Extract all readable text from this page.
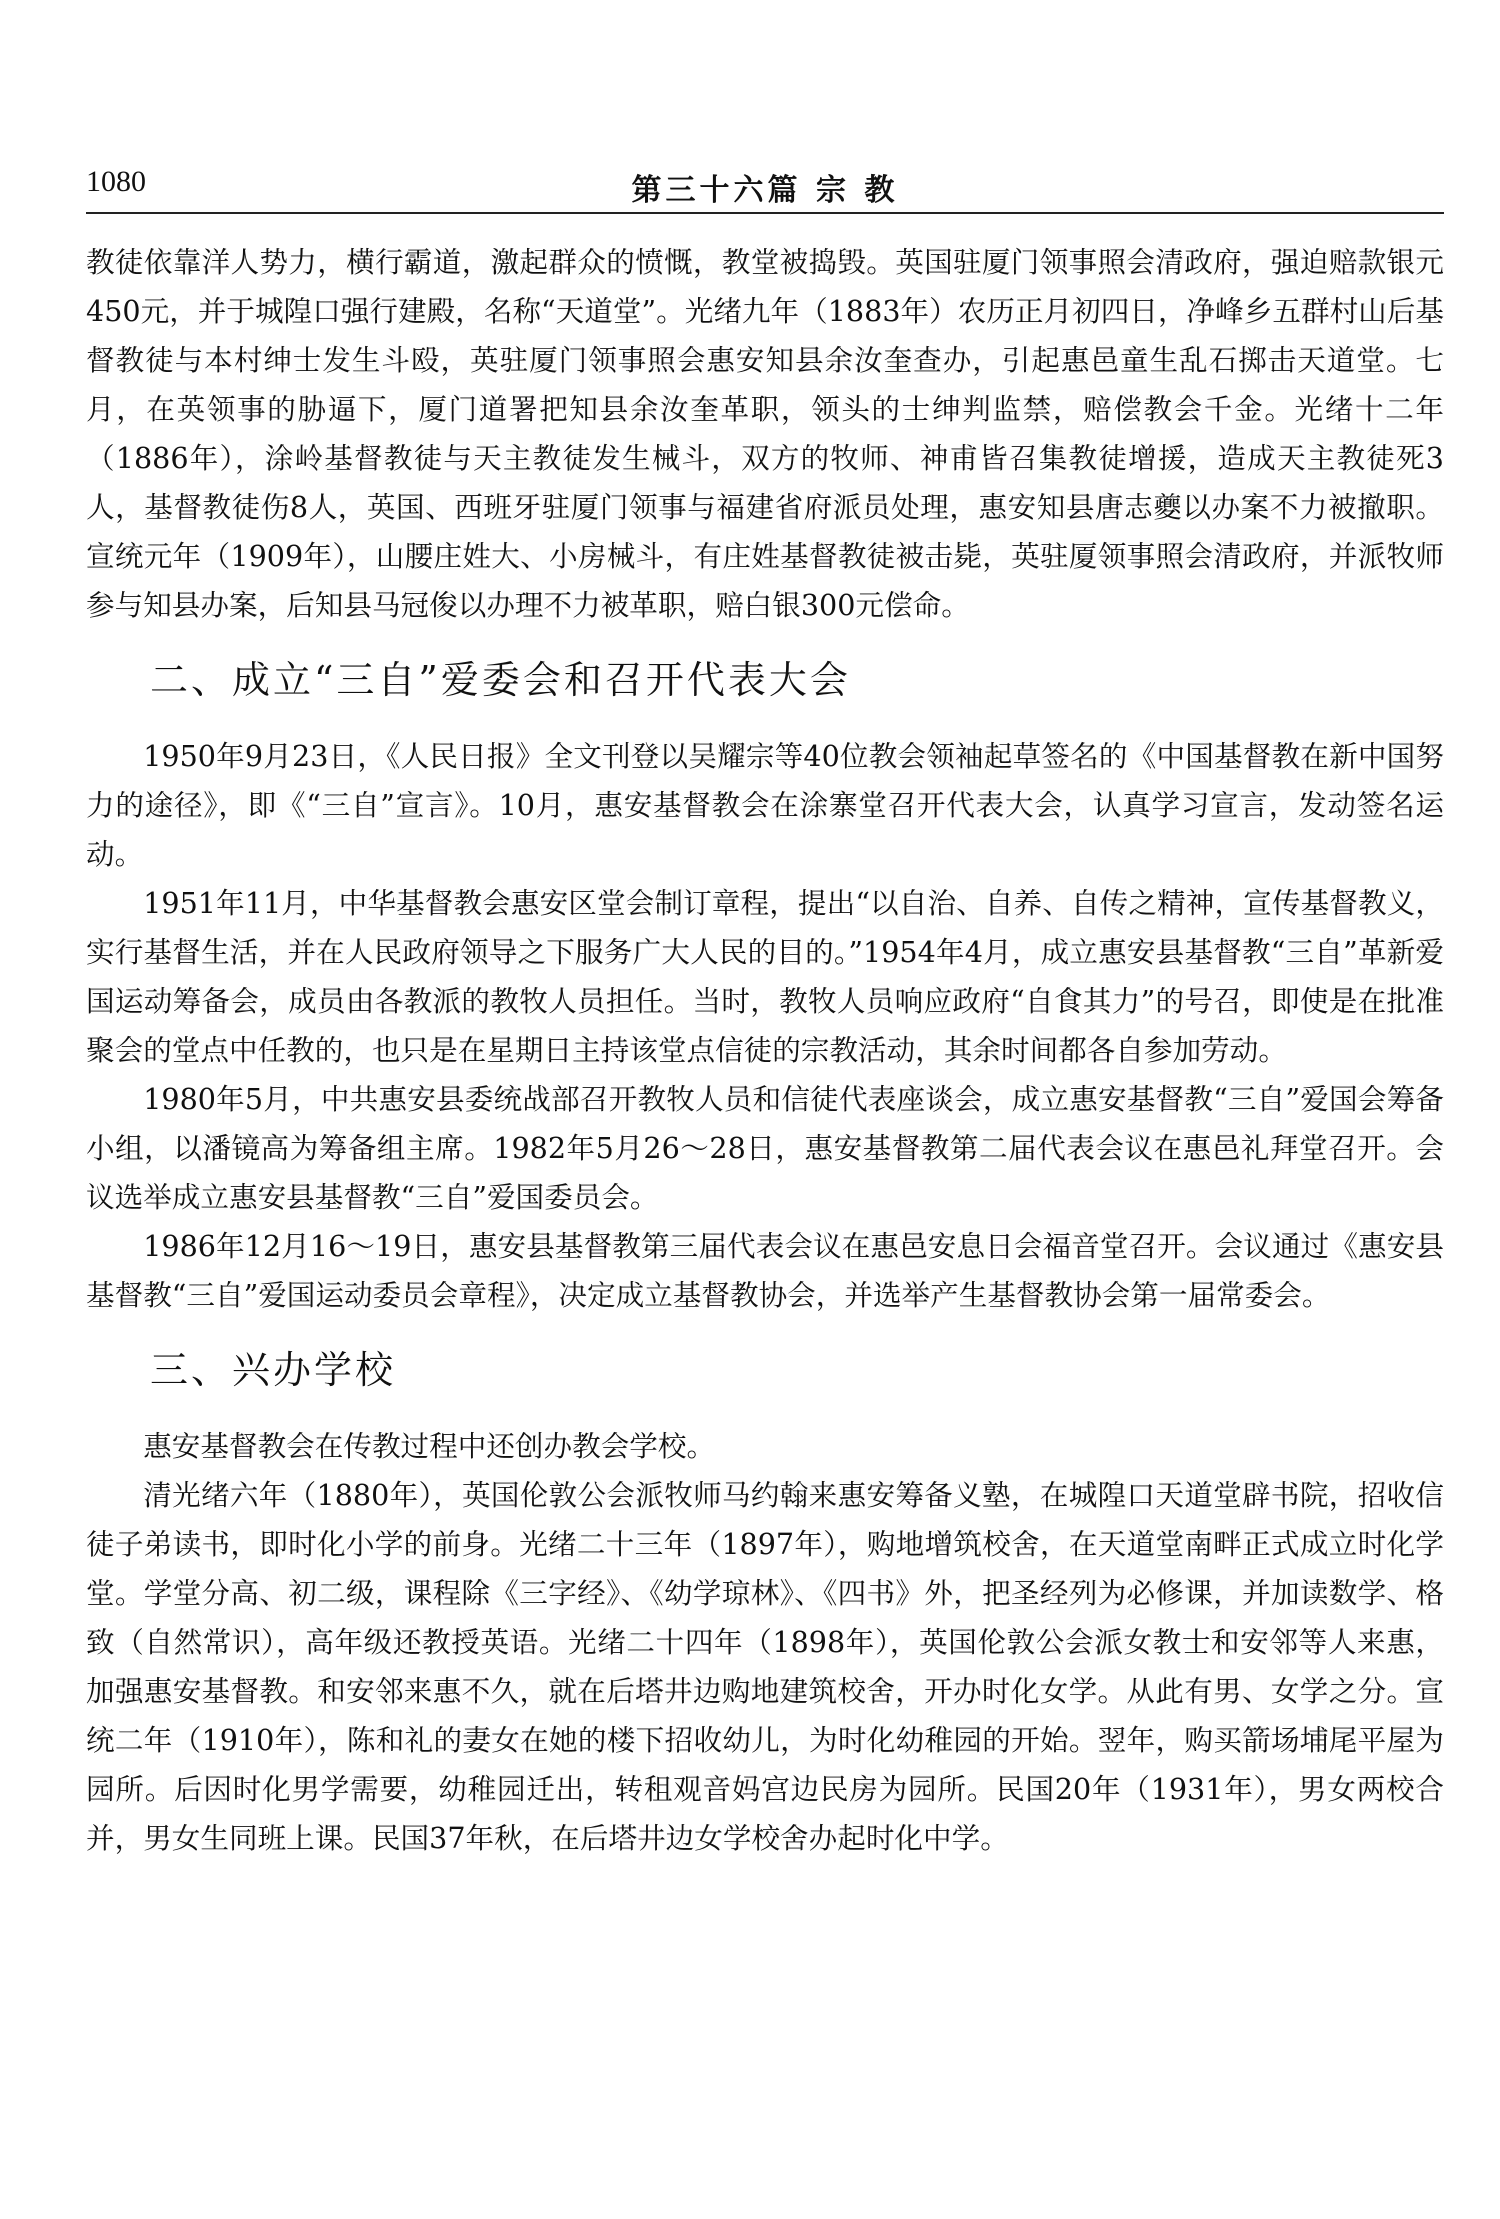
1080	第三十六篇 宗 教

教徒依靠洋人势力，横行霸道，激起群众的愤慨，教堂被捣毁。英国驻厦门领事照会清政府，强迫赔款银元450元，并于城隍口强行建殿，名称“天道堂”。光绪九年（1883年）农历正月初四日，净峰乡五群村山后基督教徒与本村绅士发生斗殴，英驻厦门领事照会惠安知县余汝奎查办，引起惠邑童生乱石掷击天道堂。七月，在英领事的胁逼下，厦门道署把知县余汝奎革职，领头的士绅判监禁，赔偿教会千金。光绪十二年（1886年），涂岭基督教徒与天主教徒发生械斗，双方的牧师、神甫皆召集教徒增援，造成天主教徒死3人，基督教徒伤8人，英国、西班牙驻厦门领事与福建省府派员处理，惠安知县唐志夔以办案不力被撤职。宣统元年（1909年），山腰庄姓大、小房械斗，有庄姓基督教徒被击毙，英驻厦领事照会清政府，并派牧师参与知县办案，后知县马冠俊以办理不力被革职，赔白银300元偿命。

二、成立“三自”爱委会和召开代表大会

1950年9月23日，《人民日报》全文刊登以吴耀宗等40位教会领袖起草签名的《中国基督教在新中国努力的途径》，即《“三自”宣言》。10月，惠安基督教会在涂寨堂召开代表大会，认真学习宣言，发动签名运动。

1951年11月，中华基督教会惠安区堂会制订章程，提出“以自治、自养、自传之精神，宣传基督教义，实行基督生活，并在人民政府领导之下服务广大人民的目的。”1954年4月，成立惠安县基督教“三自”革新爱国运动筹备会，成员由各教派的教牧人员担任。当时，教牧人员响应政府“自食其力”的号召，即使是在批准聚会的堂点中任教的，也只是在星期日主持该堂点信徒的宗教活动，其余时间都各自参加劳动。

1980年5月，中共惠安县委统战部召开教牧人员和信徒代表座谈会，成立惠安基督教“三自”爱国会筹备小组，以潘镜高为筹备组主席。1982年5月26～28日，惠安基督教第二届代表会议在惠邑礼拜堂召开。会议选举成立惠安县基督教“三自”爱国委员会。

1986年12月16～19日，惠安县基督教第三届代表会议在惠邑安息日会福音堂召开。会议通过《惠安县基督教“三自”爱国运动委员会章程》，决定成立基督教协会，并选举产生基督教协会第一届常委会。

三、兴办学校

惠安基督教会在传教过程中还创办教会学校。

清光绪六年（1880年），英国伦敦公会派牧师马约翰来惠安筹备义塾，在城隍口天道堂辟书院，招收信徒子弟读书，即时化小学的前身。光绪二十三年（1897年），购地增筑校舍，在天道堂南畔正式成立时化学堂。学堂分高、初二级，课程除《三字经》、《幼学琼林》、《四书》外，把圣经列为必修课，并加读数学、格致（自然常识），高年级还教授英语。光绪二十四年（1898年），英国伦敦公会派女教士和安邻等人来惠，加强惠安基督教。和安邻来惠不久，就在后塔井边购地建筑校舍，开办时化女学。从此有男、女学之分。宣统二年（1910年），陈和礼的妻女在她的楼下招收幼儿，为时化幼稚园的开始。翌年，购买箭场埔尾平屋为园所。后因时化男学需要，幼稚园迁出，转租观音妈宫边民房为园所。民国20年（1931年），男女两校合并，男女生同班上课。民国37年秋，在后塔井边女学校舍办起时化中学。
